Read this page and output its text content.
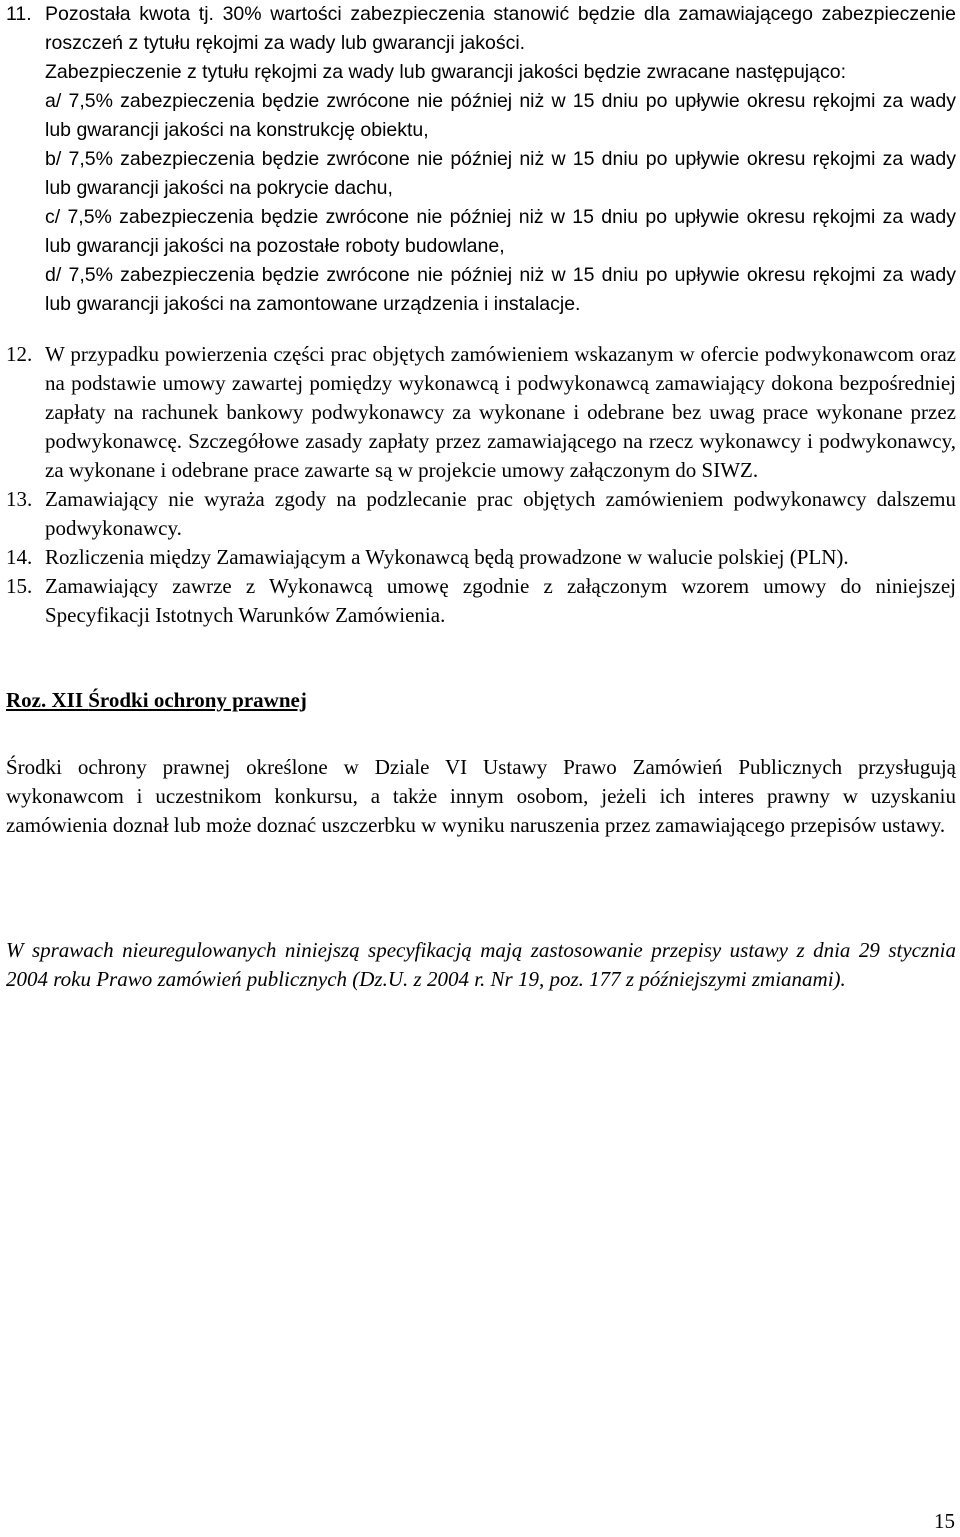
11. Pozostała kwota tj. 30% wartości zabezpieczenia stanowić będzie dla zamawiającego zabezpieczenie roszczeń z tytułu rękojmi za wady lub gwarancji jakości.
Zabezpieczenie z tytułu rękojmi za wady lub gwarancji jakości będzie zwracane następująco:
a/ 7,5% zabezpieczenia będzie zwrócone nie później niż w 15 dniu po upływie okresu rękojmi za wady lub gwarancji jakości na konstrukcję obiektu,
b/ 7,5% zabezpieczenia będzie zwrócone nie później niż w 15 dniu po upływie okresu rękojmi za wady lub gwarancji jakości na pokrycie dachu,
c/ 7,5% zabezpieczenia będzie zwrócone nie później niż w 15 dniu po upływie okresu rękojmi za wady lub gwarancji jakości na pozostałe roboty budowlane,
d/ 7,5% zabezpieczenia będzie zwrócone nie później niż w 15 dniu po upływie okresu rękojmi za wady lub gwarancji jakości na zamontowane urządzenia i instalacje.
12. W przypadku powierzenia części prac objętych zamówieniem wskazanym w ofercie podwykonawcom oraz na podstawie umowy zawartej pomiędzy wykonawcą i podwykonawcą zamawiający dokona bezpośredniej zapłaty na rachunek bankowy podwykonawcy za wykonane i odebrane bez uwag prace wykonane przez podwykonawcę. Szczegółowe zasady zapłaty przez zamawiającego na rzecz wykonawcy i podwykonawcy, za wykonane i odebrane prace zawarte są w projekcie umowy załączonym do SIWZ.
13. Zamawiający nie wyraża zgody na podzlecanie prac objętych zamówieniem podwykonawcy dalszemu podwykonawcy.
14. Rozliczenia między Zamawiającym a Wykonawcą będą prowadzone w walucie polskiej (PLN).
15. Zamawiający zawrze z Wykonawcą umowę zgodnie z załączonym wzorem umowy do niniejszej Specyfikacji Istotnych Warunków Zamówienia.
Roz. XII Środki ochrony prawnej
Środki ochrony prawnej określone w Dziale VI Ustawy Prawo Zamówień Publicznych przysługują wykonawcom i uczestnikom konkursu, a także innym osobom, jeżeli ich interes prawny w uzyskaniu zamówienia doznał lub może doznać uszczerbku w wyniku naruszenia przez zamawiającego przepisów ustawy.
W sprawach nieuregulowanych niniejszą specyfikacją mają zastosowanie przepisy ustawy z dnia 29 stycznia 2004 roku Prawo zamówień publicznych (Dz.U. z 2004 r. Nr 19, poz. 177 z późniejszymi zmianami).
15
